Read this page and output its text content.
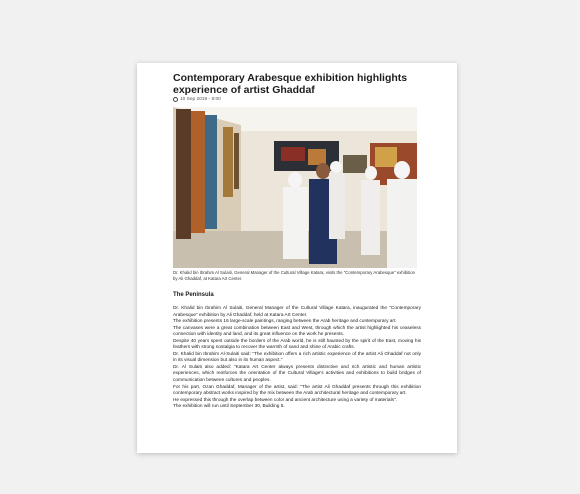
Contemporary Arabesque exhibition highlights experience of artist Ghaddaf
10 Sep 2019 - 8:00
Dr. Khalid bin Ibrahim Al Sulaiti, General Manager of the Cultural Village Katara, visits the "Contemporary Arabesque" exhibition by Ali Ghaddaf, at Katara Art Center.
The Peninsula

Dr. Khalid bin Ibrahim Al Sulaiti, General Manager of the Cultural Village Katara, inaugurated the "Contemporary Arabesque" exhibition by Ali Ghaddaf, held at Katara Art Center.

The exhibition presents 16 large-scale paintings, ranging between the Arab heritage and contemporary art.

The canvases were a great combination between East and West, through which the artist highlighted his ceaseless connection with identity and land, and its great influence on the work he presents.

Despite 40 years spent outside the borders of the Arab world, he is still haunted by the spirit of the East, moving his feathers with strong nostalgia to recover the warmth of sand and shine of Arabic crafts.

Dr. Khalid bin Ibrahim Al-Sulaiti said: "The exhibition offers a rich artistic experience of the artist Ali Ghaddaf not only in its visual dimension but also in its human aspect."

Dr. Al Sulaiti also added: "Katara Art Center always presents distinctive and rich artistic and human artistic experiences, which reinforces the orientation of the Cultural Village's activities and exhibitions to build bridges of communication between cultures and peoples.

For his part, Ozan Ghaddaf, Manager of the artist, said: "The artist Ali Ghaddaf presents through this exhibition contemporary abstract works inspired by the mix between the Arab architectural heritage and contemporary art.

He expressed this through the overlap between color and ancient architecture using a variety of materials".

The exhibition will run until September 30, Building 5.
